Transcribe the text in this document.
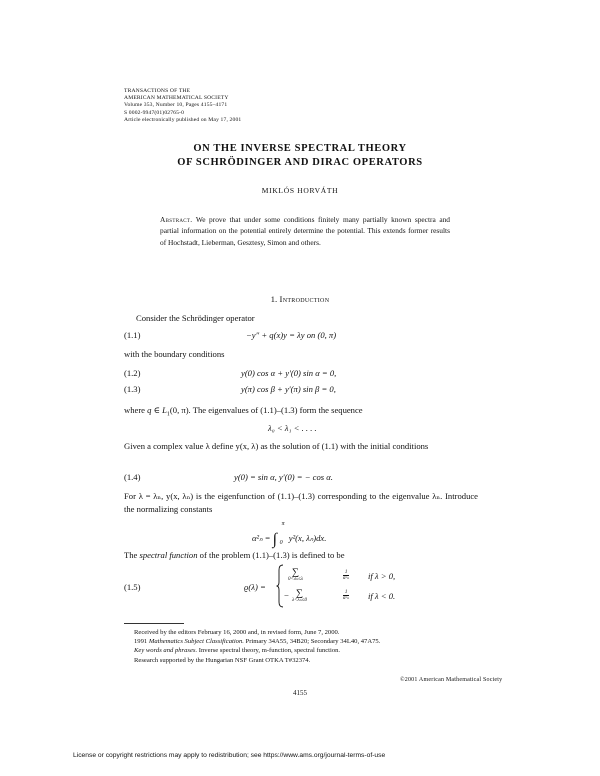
TRANSACTIONS OF THE
AMERICAN MATHEMATICAL SOCIETY
Volume 353, Number 10, Pages 4155–4171
S 0002-9947(01)02765-0
Article electronically published on May 17, 2001
ON THE INVERSE SPECTRAL THEORY
OF SCHRÖDINGER AND DIRAC OPERATORS
MIKLÓS HORVÁTH
Abstract. We prove that under some conditions finitely many partially known spectra and partial information on the potential entirely determine the potential. This extends former results of Hochstadt, Lieberman, Gesztesy, Simon and others.
1. Introduction
Consider the Schrödinger operator
(1.1)	−y″ + q(x)y = λy on (0, π)
with the boundary conditions
(1.2)	y(0) cos α + y′(0) sin α = 0,
(1.3)	y(π) cos β + y′(π) sin β = 0,
where q ∈ $L_1(0$, π). The eigenvalues of (1.1)–(1.3) form the sequence
λ₀ < λ₁ < . . . .
Given a complex value λ define y(x, λ) as the solution of (1.1) with the initial conditions
(1.4)	y(0) = sin α, y′(0) = − cos α.
For λ = λₙ, y(x, λₙ) is the eigenfunction of (1.1)–(1.3) corresponding to the eigenvalue λₙ. Introduce the normalizing constants
α²ₙ = ∫
π
0 y²(x, λₙ)dx.
The spectral function of the problem (1.1)–(1.3) is defined to be
(1.5)	ϱ(λ) =
∑
0<λₙ≤λ	$\frac{1}{\text{α²ₙ}}$ if λ > 0,
− ∑
λ<λₙ≤0	$\frac{1}{\text{α²ₙ}}$ if λ < 0.
Received by the editors February 16, 2000 and, in revised form, June 7, 2000.
1991 Mathematics Subject Classification. Primary 34A55, 34B20; Secondary 34L40, 47A75.
Key words and phrases. Inverse spectral theory, m-function, spectral function.
Research supported by the Hungarian NSF Grant OTKA T#32374.
©2001 American Mathematical Society
4155
License or copyright restrictions may apply to redistribution; see https://www.ams.org/journal-terms-of-use
